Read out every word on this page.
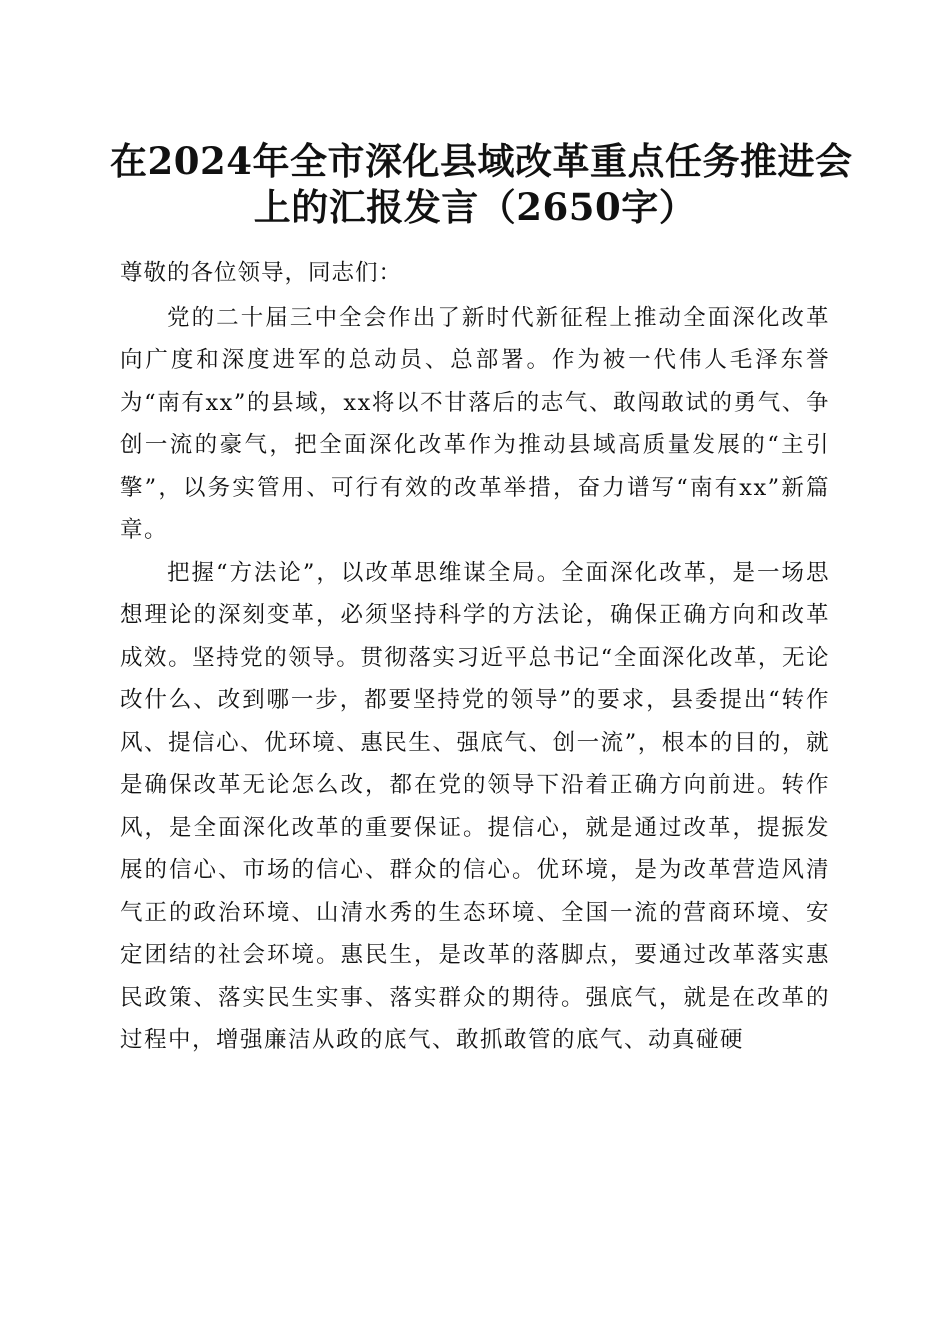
在2024年全市深化县域改革重点任务推进会
上的汇报发言（2650字）

尊敬的各位领导，同志们：

党的二十届三中全会作出了新时代新征程上推动全面深化改革向广度和深度进军的总动员、总部署。作为被一代伟人毛泽东誉为“南有xx”的县域，xx将以不甘落后的志气、敢闯敢试的勇气、争创一流的豪气，把全面深化改革作为推动县域高质量发展的“主引擎”，以务实管用、可行有效的改革举措，奋力谱写“南有xx”新篇章。

把握“方法论”，以改革思维谋全局。全面深化改革，是一场思想理论的深刻变革，必须坚持科学的方法论，确保正确方向和改革成效。坚持党的领导。贯彻落实习近平总书记“全面深化改革，无论改什么、改到哪一步，都要坚持党的领导”的要求，县委提出“转作风、提信心、优环境、惠民生、强底气、创一流”，根本的目的，就是确保改革无论怎么改，都在党的领导下沿着正确方向前进。转作风，是全面深化改革的重要保证。提信心，就是通过改革，提振发展的信心、市场的信心、群众的信心。优环境，是为改革营造风清气正的政治环境、山清水秀的生态环境、全国一流的营商环境、安定团结的社会环境。惠民生，是改革的落脚点，要通过改革落实惠民政策、落实民生实事、落实群众的期待。强底气，就是在改革的过程中，增强廉洁从政的底气、敢抓敢管的底气、动真碰硬
